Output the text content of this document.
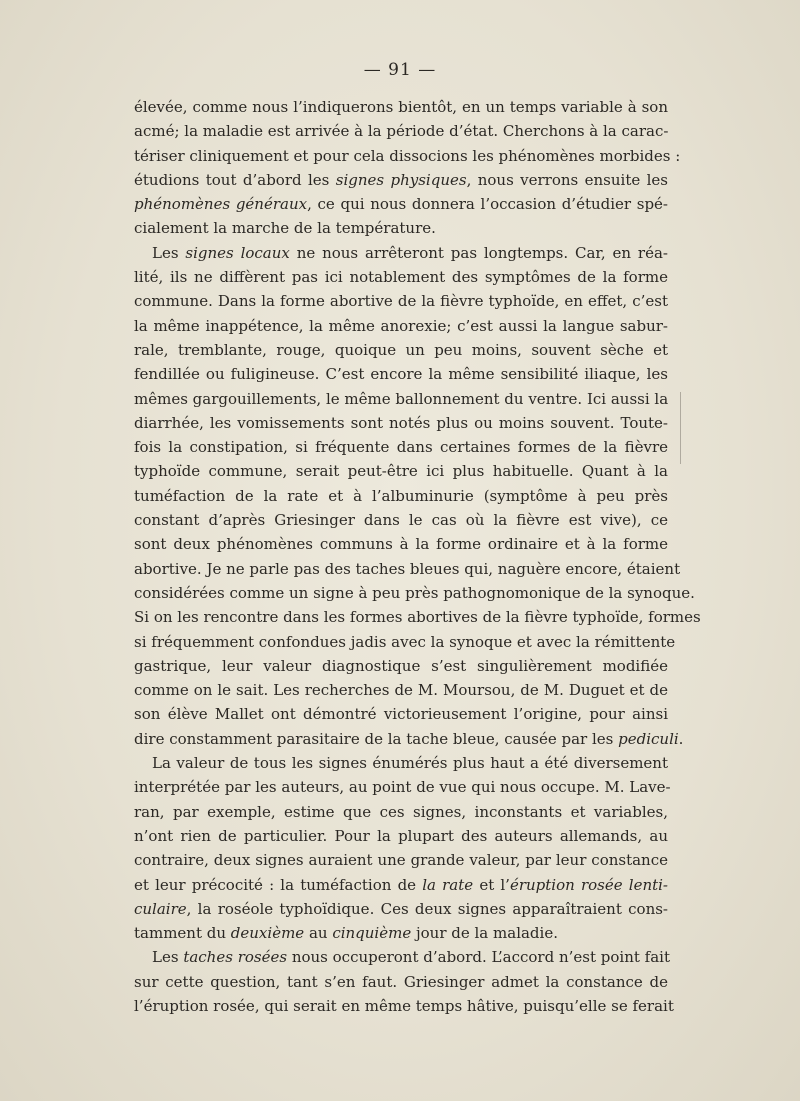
— 91 —
élevée, comme nous l’indiquerons bientôt, en un temps variable à son
acmé; la maladie est arrivée à la période d’état. Cherchons à la carac-
tériser cliniquement et pour cela dissocions les phénomènes morbides :
étudions tout d’abord les signes physiques, nous verrons ensuite les
phénomènes généraux, ce qui nous donnera l’occasion d’étudier spé-
cialement la marche de la température.
Les signes locaux ne nous arrêteront pas longtemps. Car, en réa-
lité, ils ne diffèrent pas ici notablement des symptômes de la forme
commune. Dans la forme abortive de la fièvre typhoïde, en effet, c’est
la même inappétence, la même anorexie; c’est aussi la langue sabur-
rale, tremblante, rouge, quoique un peu moins, souvent sèche et
fendillée ou fuligineuse. C’est encore la même sensibilité iliaque, les
mêmes gargouillements, le même ballonnement du ventre. Ici aussi la
diarrhée, les vomissements sont notés plus ou moins souvent. Toute-
fois la constipation, si fréquente dans certaines formes de la fièvre
typhoïde commune, serait peut-être ici plus habituelle. Quant à la
tuméfaction de la rate et à l’albuminurie (symptôme à peu près
constant d’après Griesinger dans le cas où la fièvre est vive), ce
sont deux phénomènes communs à la forme ordinaire et à la forme
abortive. Je ne parle pas des taches bleues qui, naguère encore, étaient
considérées comme un signe à peu près pathognomonique de la synoque.
Si on les rencontre dans les formes abortives de la fièvre typhoïde, formes
si fréquemment confondues jadis avec la synoque et avec la rémittente
gastrique, leur valeur diagnostique s’est singulièrement modifiée
comme on le sait. Les recherches de M. Moursou, de M. Duguet et de
son élève Mallet ont démontré victorieusement l’origine, pour ainsi
dire constamment parasitaire de la tache bleue, causée par les pediculi.
La valeur de tous les signes énumérés plus haut a été diversement
interprétée par les auteurs, au point de vue qui nous occupe. M. Lave-
ran, par exemple, estime que ces signes, inconstants et variables,
n’ont rien de particulier. Pour la plupart des auteurs allemands, au
contraire, deux signes auraient une grande valeur, par leur constance
et leur précocité : la tuméfaction de la rate et l’éruption rosée lenti-
culaire, la roséole typhoïdique. Ces deux signes apparaîtraient cons-
tamment du deuxième au cinquième jour de la maladie.
Les taches rosées nous occuperont d’abord. L’accord n’est point fait
sur cette question, tant s’en faut. Griesinger admet la constance de
l’éruption rosée, qui serait en même temps hâtive, puisqu’elle se ferait
